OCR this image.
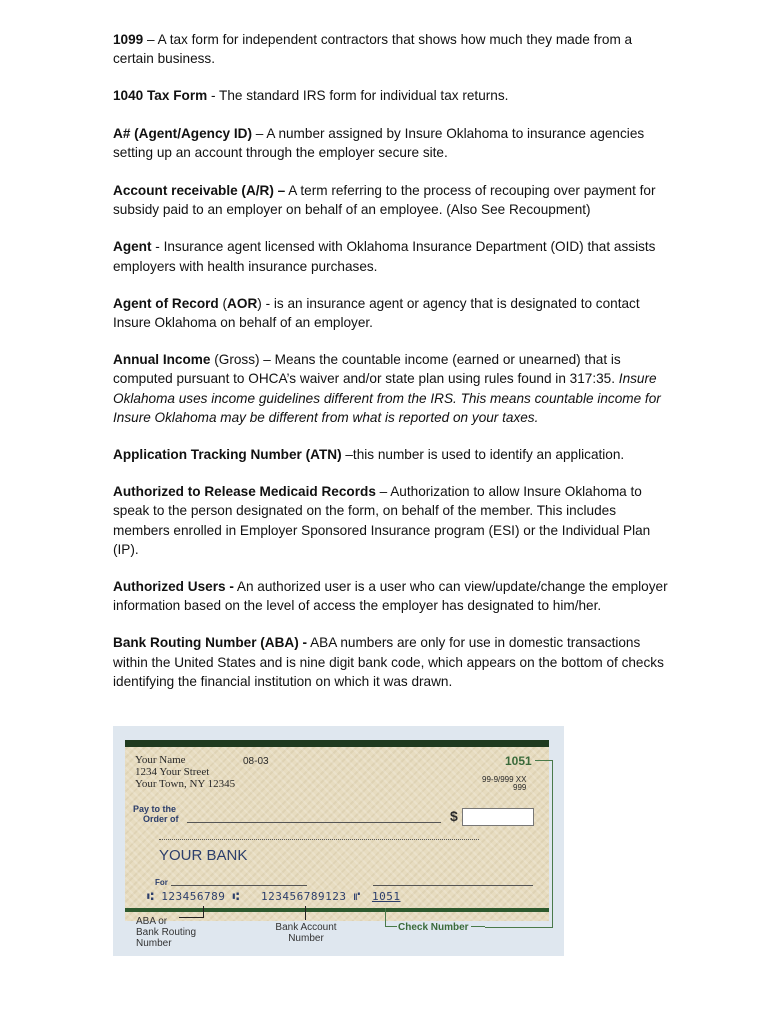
1099 – A tax form for independent contractors that shows how much they made from a certain business.

1040 Tax Form - The standard IRS form for individual tax returns.

A# (Agent/Agency ID) – A number assigned by Insure Oklahoma to insurance agencies setting up an account through the employer secure site.

Account receivable (A/R) – A term referring to the process of recouping over payment for subsidy paid to an employer on behalf of an employee. (Also See Recoupment)

Agent - Insurance agent licensed with Oklahoma Insurance Department (OID) that assists employers with health insurance purchases.

Agent of Record (AOR) - is an insurance agent or agency that is designated to contact Insure Oklahoma on behalf of an employer.

Annual Income (Gross) – Means the countable income (earned or unearned) that is computed pursuant to OHCA’s waiver and/or state plan using rules found in 317:35. Insure Oklahoma uses income guidelines different from the IRS. This means countable income for Insure Oklahoma may be different from what is reported on your taxes.

Application Tracking Number (ATN) –this number is used to identify an application.

Authorized to Release Medicaid Records – Authorization to allow Insure Oklahoma to speak to the person designated on the form, on behalf of the member. This includes members enrolled in Employer Sponsored Insurance program (ESI) or the Individual Plan (IP).

Authorized Users - An authorized user is a user who can view/update/change the employer information based on the level of access the employer has designated to him/her.

Bank Routing Number (ABA) - ABA numbers are only for use in domestic transactions within the United States and is nine digit bank code, which appears on the bottom of checks identifying the financial institution on which it was drawn.

Your Name
1234 Your Street
Your Town, NY 12345
08-03	1051
99-9/999 XX
999
Pay to the
Order of	$
YOUR BANK
For
⑆ 123456789 ⑆ 123456789123 ⑈ 1051
ABA or
Bank Routing
Number
Bank Account
Number
Check Number
